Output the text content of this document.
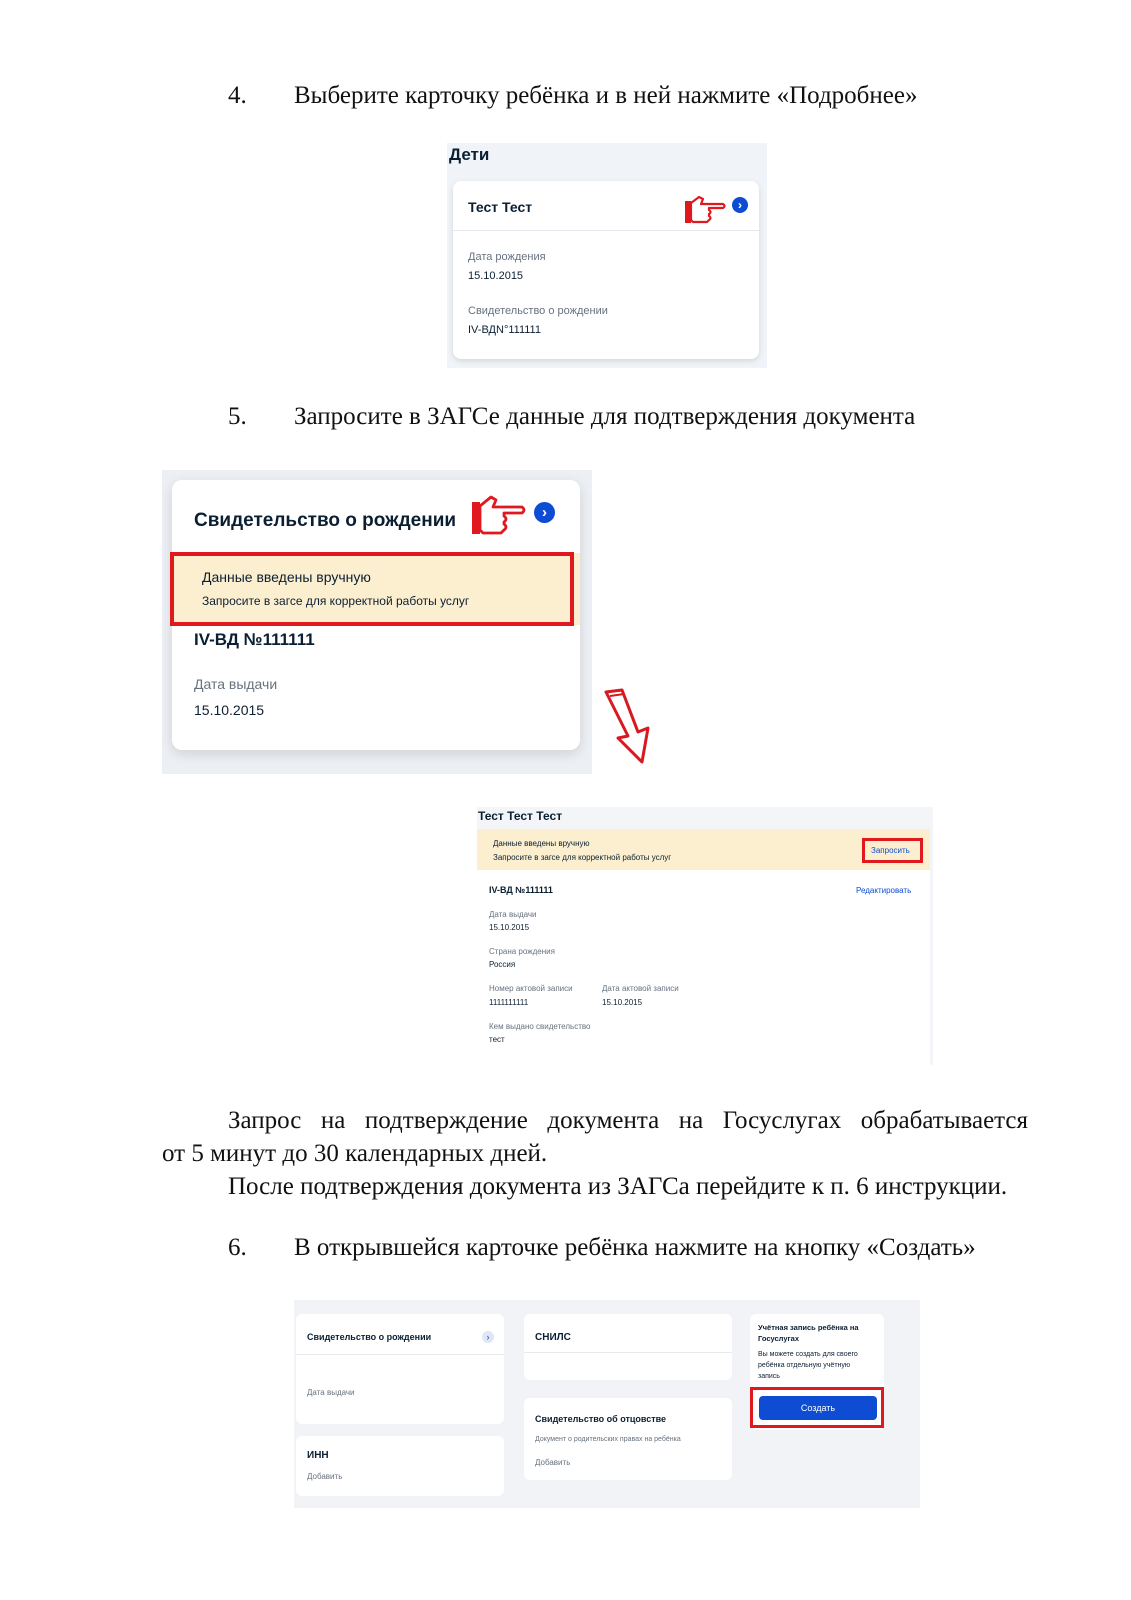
4. Выберите карточку ребёнка и в ней нажмите «Подробнее»
Дети
Тест Тест	›
Дата рождения
15.10.2015
Свидетельство о рождении
IV-ВДN°111111
5. Запросите в ЗАГСе данные для подтверждения документа
Свидетельство о рождении	›
Данные введены вручную
Запросите в загсе для корректной работы услуг
IV-ВД №111111
Дата выдачи
15.10.2015
Тест Тест Тест
Данные введены вручную
Запросите в загсе для корректной работы услуг
Запросить
IV-ВД №111111	Редактировать
Дата выдачи
15.10.2015
Страна рождения
Россия
Номер актовой записи
1111111111
Дата актовой записи
15.10.2015
Кем выдано свидетельство
тест
Запрос на подтверждение документа на Госуслугах обрабатывается
от 5 минут до 30 календарных дней.
После подтверждения документа из ЗАГСа перейдите к п. 6 инструкции.
6. В открывшейся карточке ребёнка нажмите на кнопку «Создать»
Свидетельство о рождении	›
Дата выдачи
ИНН
Добавить
СНИЛС
Свидетельство об отцовстве
Документ о родительских правах на ребёнка
Добавить
Учётная запись ребёнка на Госуслугах
Вы можете создать для своего ребёнка отдельную учётную запись
Создать
